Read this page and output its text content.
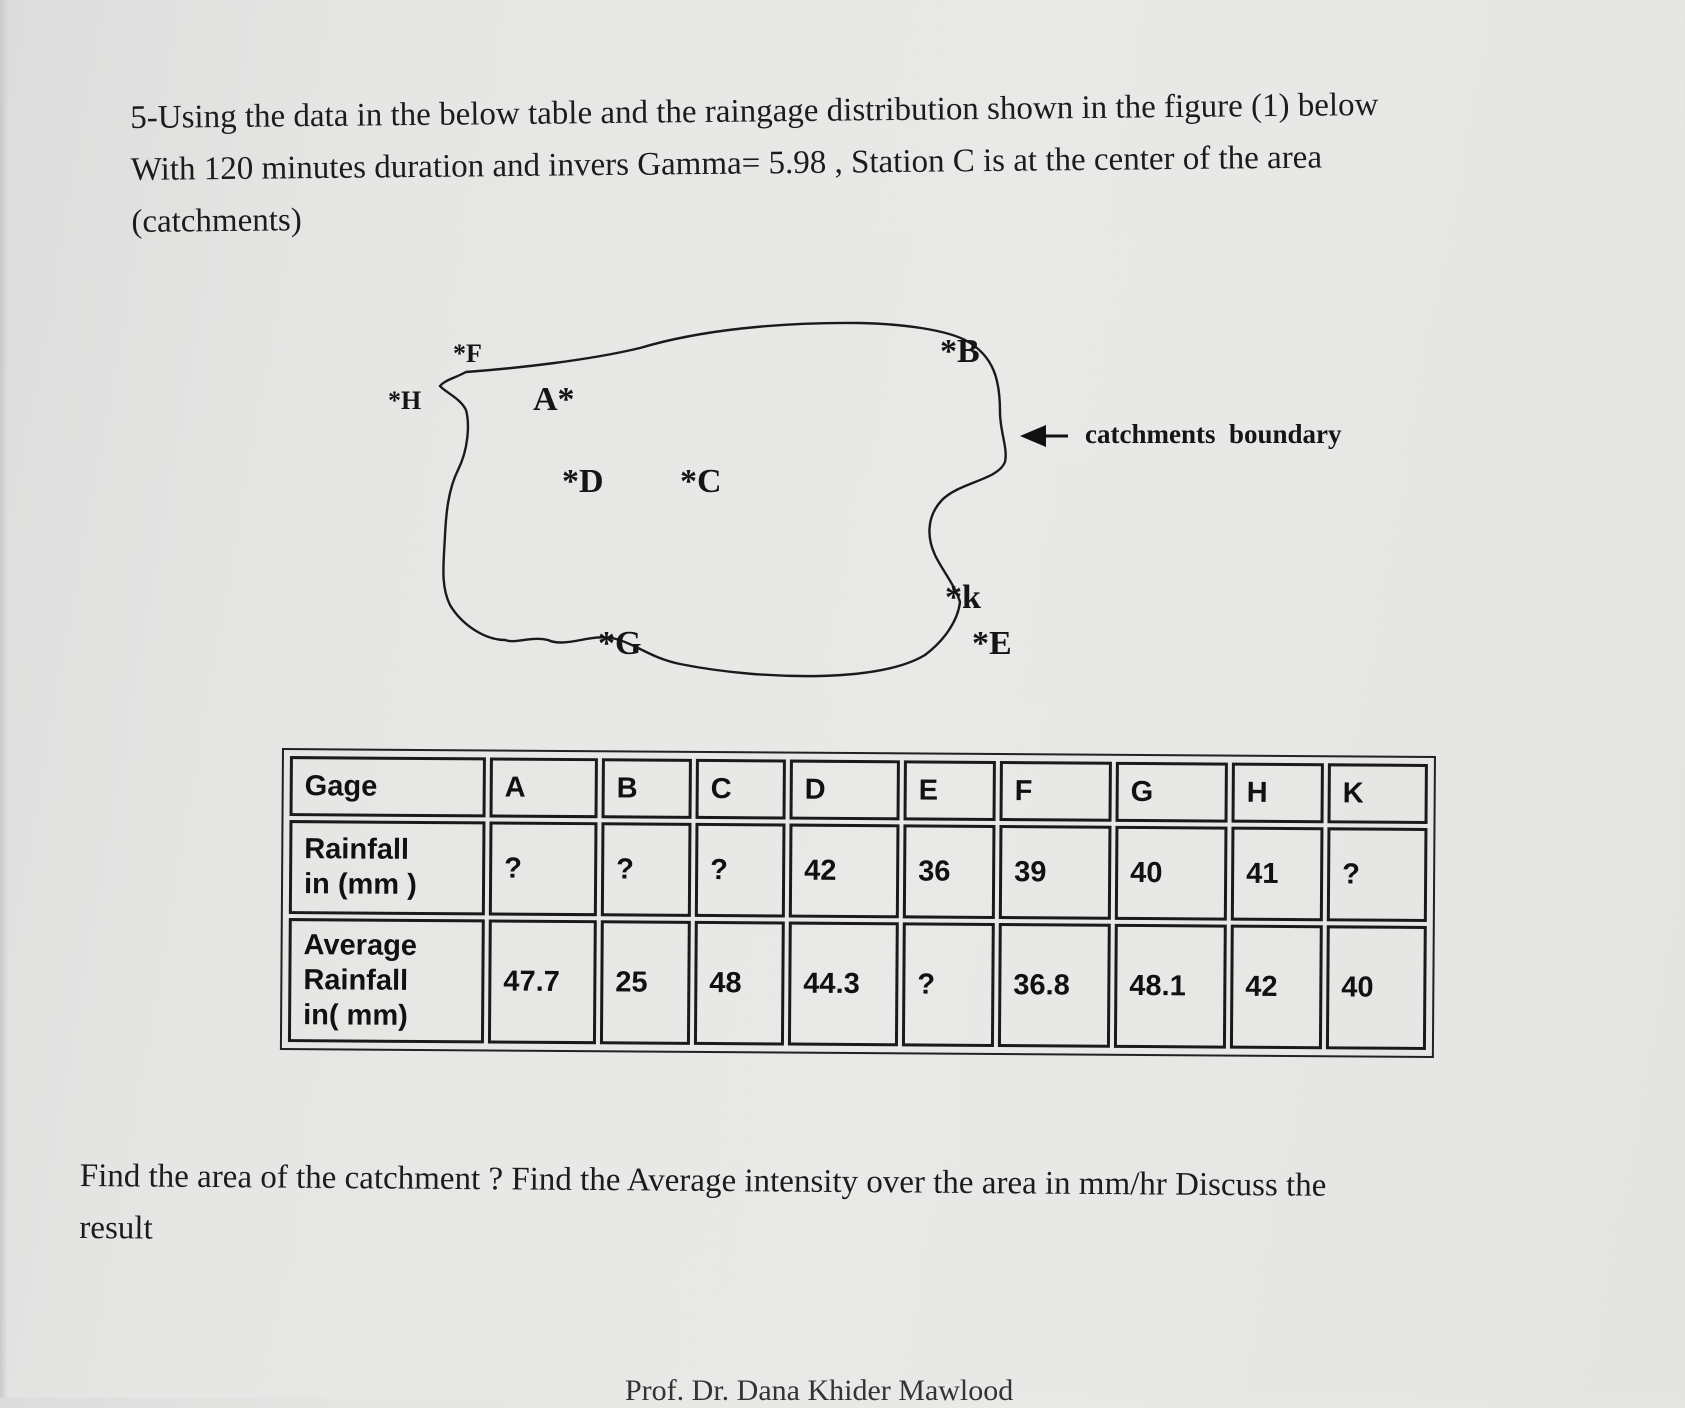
5-Using the data in the below table and the raingage distribution shown in the figure (1) below
With 120 minutes duration and invers Gamma= 5.98 , Station C is at the center of the area
(catchments)
*F
*H	A*
*B
*D *C
*k
*E
*G
catchments  boundary
Gage	A	B	C	D	E	F	G	H	K
Rainfall
in (mm )	?	?	?	42	36	39	40	41	?
Average
Rainfall
in( mm)	47.7	25	48	44.3	?	36.8	48.1	42	40
Find the area of the catchment ? Find the Average intensity over the area in mm/hr Discuss the
result
Prof. Dr. Dana Khider Mawlood
